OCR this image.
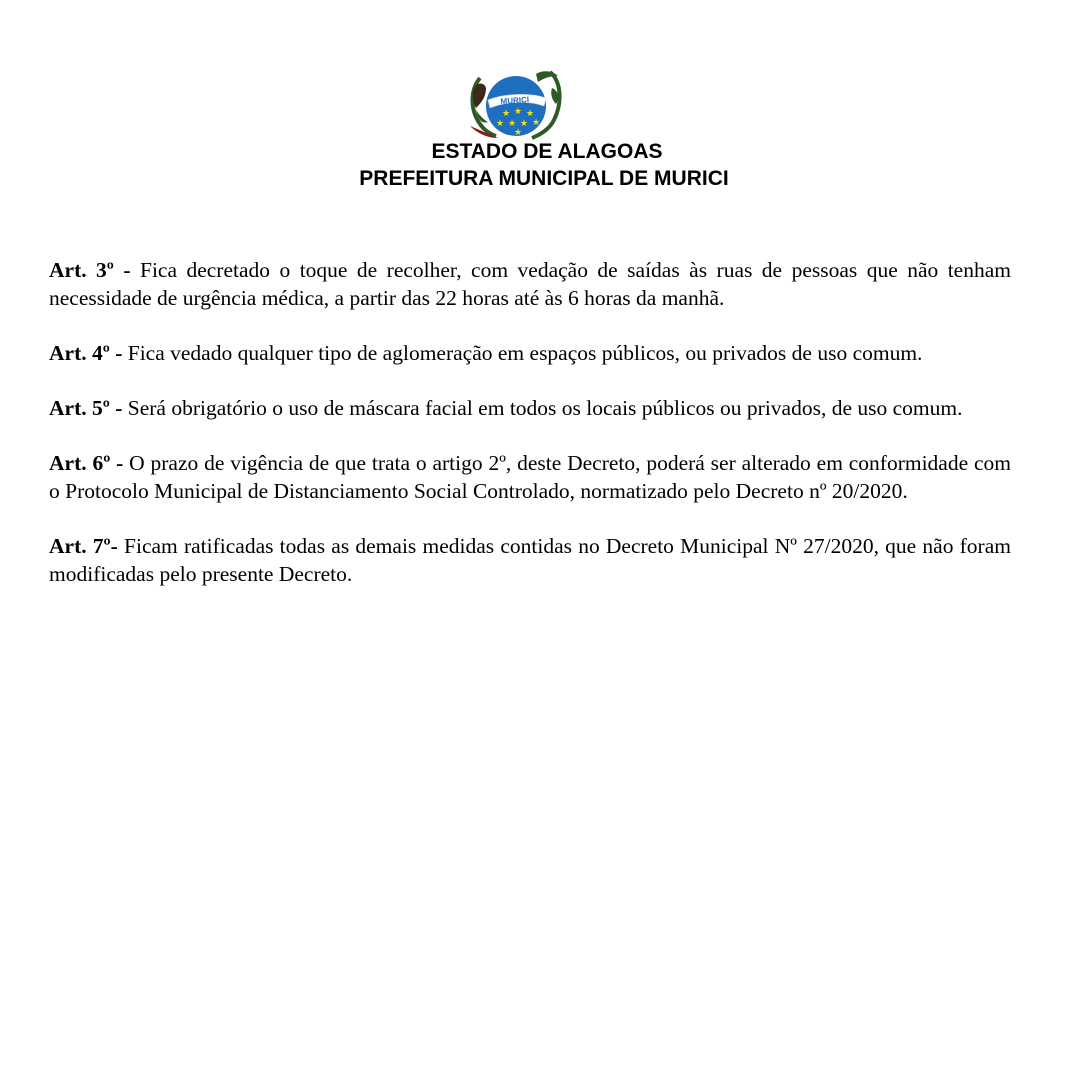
MURICI
★ ★ ★
★ ★ ★ ★
★
ESTADO DE ALAGOAS
PREFEITURA MUNICIPAL DE MURICI

Art. 3º - Fica decretado o toque de recolher, com vedação de saídas às ruas de pessoas que não tenham necessidade de urgência médica, a partir das 22 horas até às 6 horas da manhã.

Art. 4º - Fica vedado qualquer tipo de aglomeração em espaços públicos, ou privados de uso comum.

Art. 5º - Será obrigatório o uso de máscara facial em todos os locais públicos ou privados, de uso comum.

Art. 6º - O prazo de vigência de que trata o artigo 2º, deste Decreto, poderá ser alterado em conformidade com o Protocolo Municipal de Distanciamento Social Controlado, normatizado pelo Decreto nº 20/2020.

Art. 7º- Ficam ratificadas todas as demais medidas contidas no Decreto Municipal Nº 27/2020, que não foram modificadas pelo presente Decreto.
